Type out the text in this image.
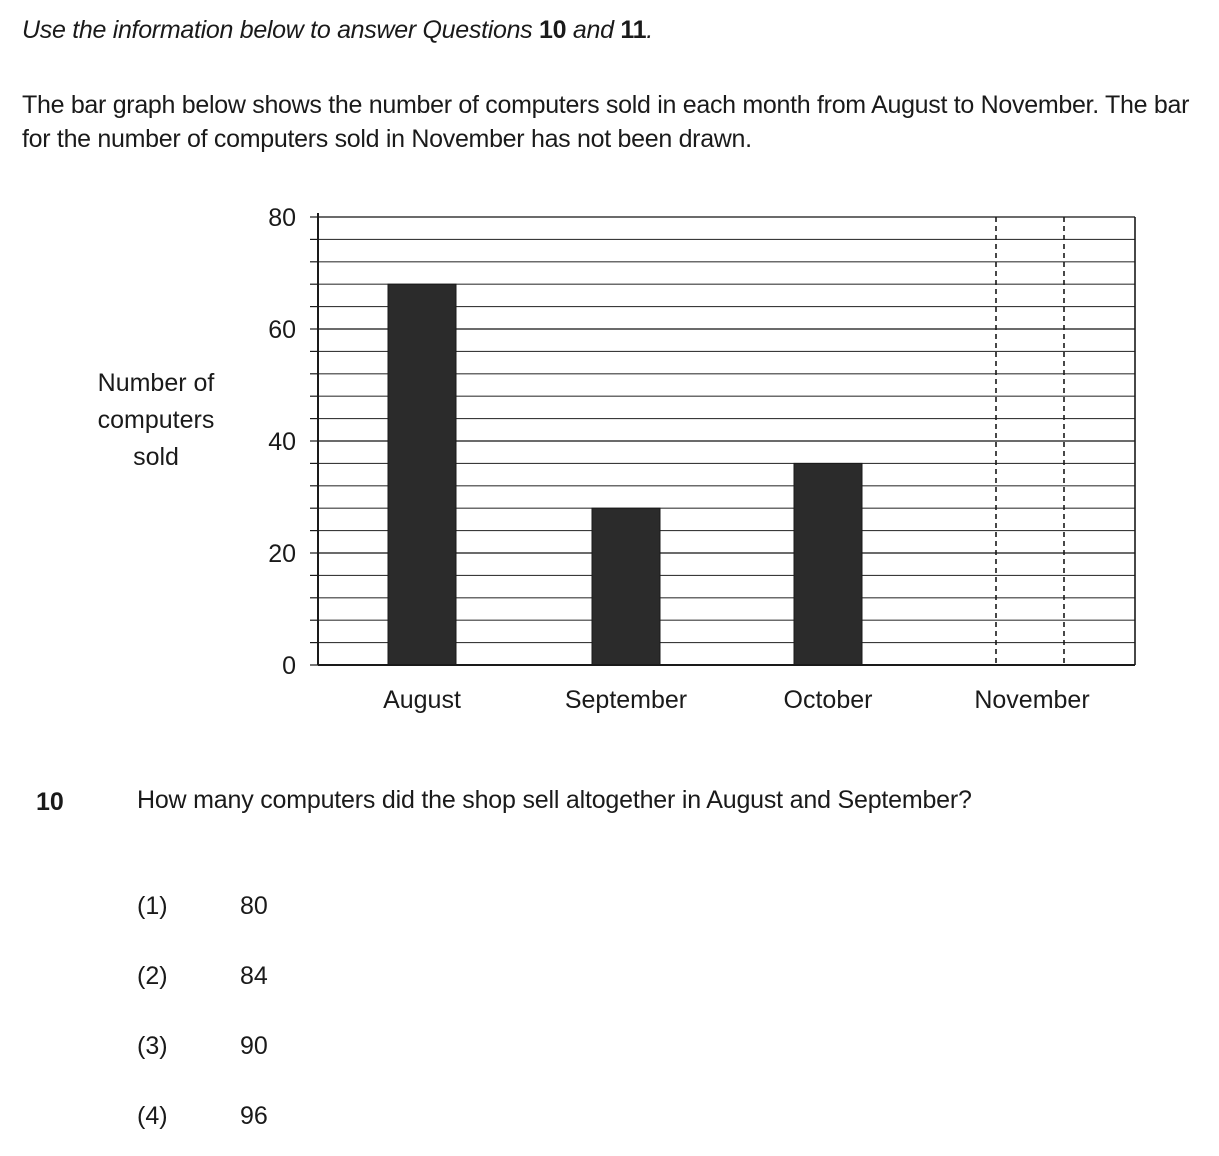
Use the information below to answer Questions 10 and 11.
The bar graph below shows the number of computers sold in each month from August to November. The bar for the number of computers sold in November has not been drawn.
0
20
40
60
80
Number of
computers
sold
August	September	October	November
10	How many computers did the shop sell altogether in August and September?
(1)	80
(2)	84
(3)	90
(4)	96
